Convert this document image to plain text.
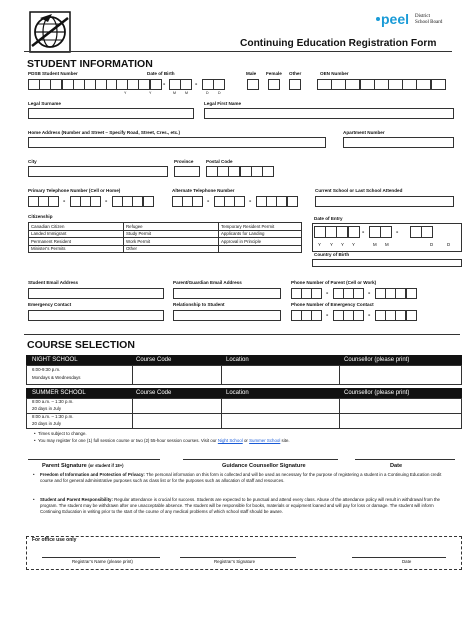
peel District
School Board
Continuing Education Registration Form
STUDENT INFORMATION
PDSB Student Number	Date of Birth
-	-
Y	Y	M	M	D	D
Male Female Other	OEN Number
Legal Surname	Legal First Name
Home Address (Number and Street – Specify Road, Street, Cres., etc.)	Apartment Number
City	Province	Postal Code
Primary Telephone Number (Cell or Home)
-	-
Alternate Telephone Number
-	-
Current School or Last School Attended
Citizenship
Canadian Citizen	Refugee	Temporary Resident Permit
Landed Immigrant	Study Permit	Applicants for Landing
Permanent Resident	Work Permit	Approval in Principle
Minister's Permits	Other	
Date of Entry
-	-
Y Y Y Y	M M	D	D
Country of Birth
Student Email Address	Parent/Guardian Email Address	Phone Number of Parent (Cell or Work)
-	-
Emergency Contact	Relationship to Student	Phone Number of Emergency Contact
-	-
COURSE SELECTION
NIGHT SCHOOL	Course Code	Location	Counsellor (please print)
6:00-9:30 p.m.
Mondays & Wednesdays
SUMMER SCHOOL	Course Code	Location	Counsellor (please print)
8:00 a.m. – 1:30 p.m.
20 days in July
8:00 a.m. – 1:30 p.m.
20 days in July
•  Times subject to change.
•  You may register for one (1) full session course or two (2) 55-hour session courses. Visit our Night School or Summer School site.
Parent Signature (or student if 18+)	Guidance Counsellor Signature	Date
• Freedom of Information and Protection of Privacy: The personal information on this form is collected and will be used as necessary for the purpose of registering a student in a Continuing Education credit course and for general administrative purposes such as class list or for the purposes such as allocation of staff and resources.
• Student and Parent Responsibility: Regular attendance is crucial for success. Students are expected to be punctual and attend every class. Abuse of the attendance policy will result in withdrawal from the program. The student may be withdrawn after one unacceptable absence. The student will be responsible for books, materials or equipment loaned and will pay for loss or damage. The student will inform Continuing Education in writing prior to the start of the course of any medical problems of which school staff should be aware.
For office use only
Registrar’s Name (please print)	Registrar’s Signature	Date
